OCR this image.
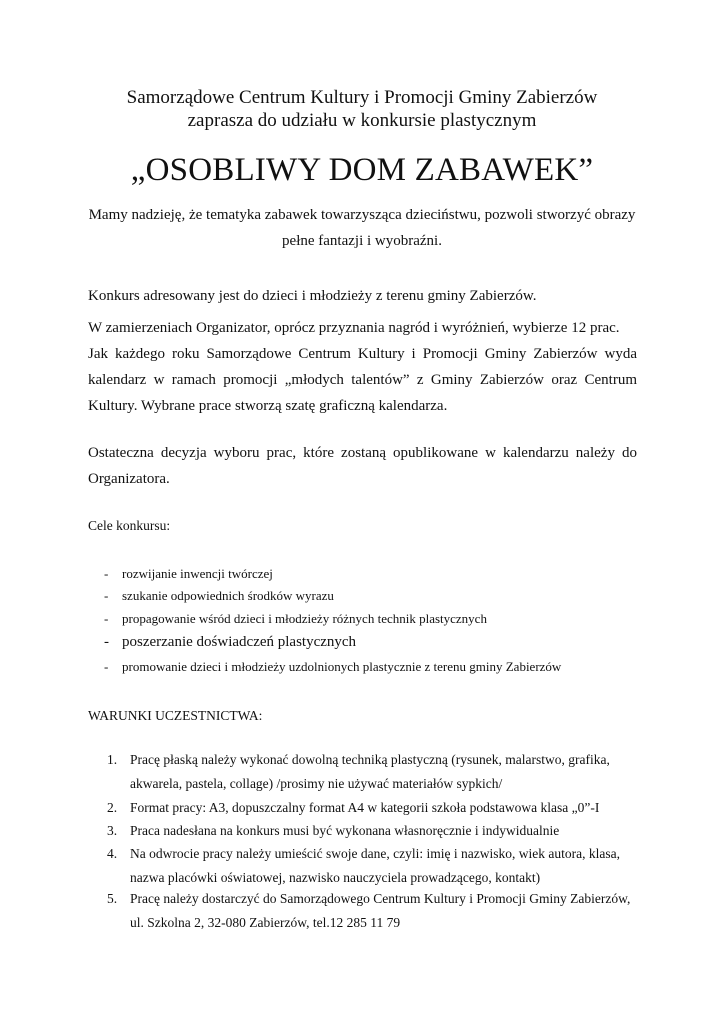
Samorządowe Centrum Kultury i Promocji Gminy Zabierzów

zaprasza do udziału w konkursie plastycznym

„OSOBLIWY DOM ZABAWEK”

Mamy nadzieję, że tematyka zabawek towarzysząca dzieciństwu, pozwoli stworzyć obrazy

pełne fantazji i wyobraźni.

Konkurs adresowany jest do dzieci i młodzieży z terenu gminy Zabierzów.

W zamierzeniach Organizator, oprócz przyznania nagród i wyróżnień, wybierze 12 prac.

Jak każdego roku Samorządowe Centrum Kultury i Promocji Gminy Zabierzów wyda kalendarz w ramach promocji „młodych talentów” z Gminy Zabierzów oraz Centrum Kultury. Wybrane prace stworzą szatę graficzną kalendarza.

Ostateczna decyzja wyboru prac, które zostaną opublikowane w kalendarzu należy do Organizatora.

Cele konkursu:

- rozwijanie inwencji twórczej
- szukanie odpowiednich środków wyrazu
- propagowanie wśród dzieci i młodzieży różnych technik plastycznych
- poszerzanie doświadczeń plastycznych
- promowanie dzieci i młodzieży uzdolnionych plastycznie z terenu gminy Zabierzów

WARUNKI UCZESTNICTWA:

1. Pracę płaską należy wykonać dowolną techniką plastyczną (rysunek, malarstwo, grafika,
akwarela, pastela, collage) /prosimy nie używać materiałów sypkich/
2. Format pracy: A3, dopuszczalny format A4 w kategorii szkoła podstawowa klasa „0”-I
3. Praca nadesłana na konkurs musi być wykonana własnoręcznie i indywidualnie
4. Na odwrocie pracy należy umieścić swoje dane, czyli: imię i nazwisko, wiek autora, klasa,
nazwa placówki oświatowej, nazwisko nauczyciela prowadzącego, kontakt)
5. Pracę należy dostarczyć do Samorządowego Centrum Kultury i Promocji Gminy Zabierzów,
ul. Szkolna 2, 32-080 Zabierzów, tel.12 285 11 79
